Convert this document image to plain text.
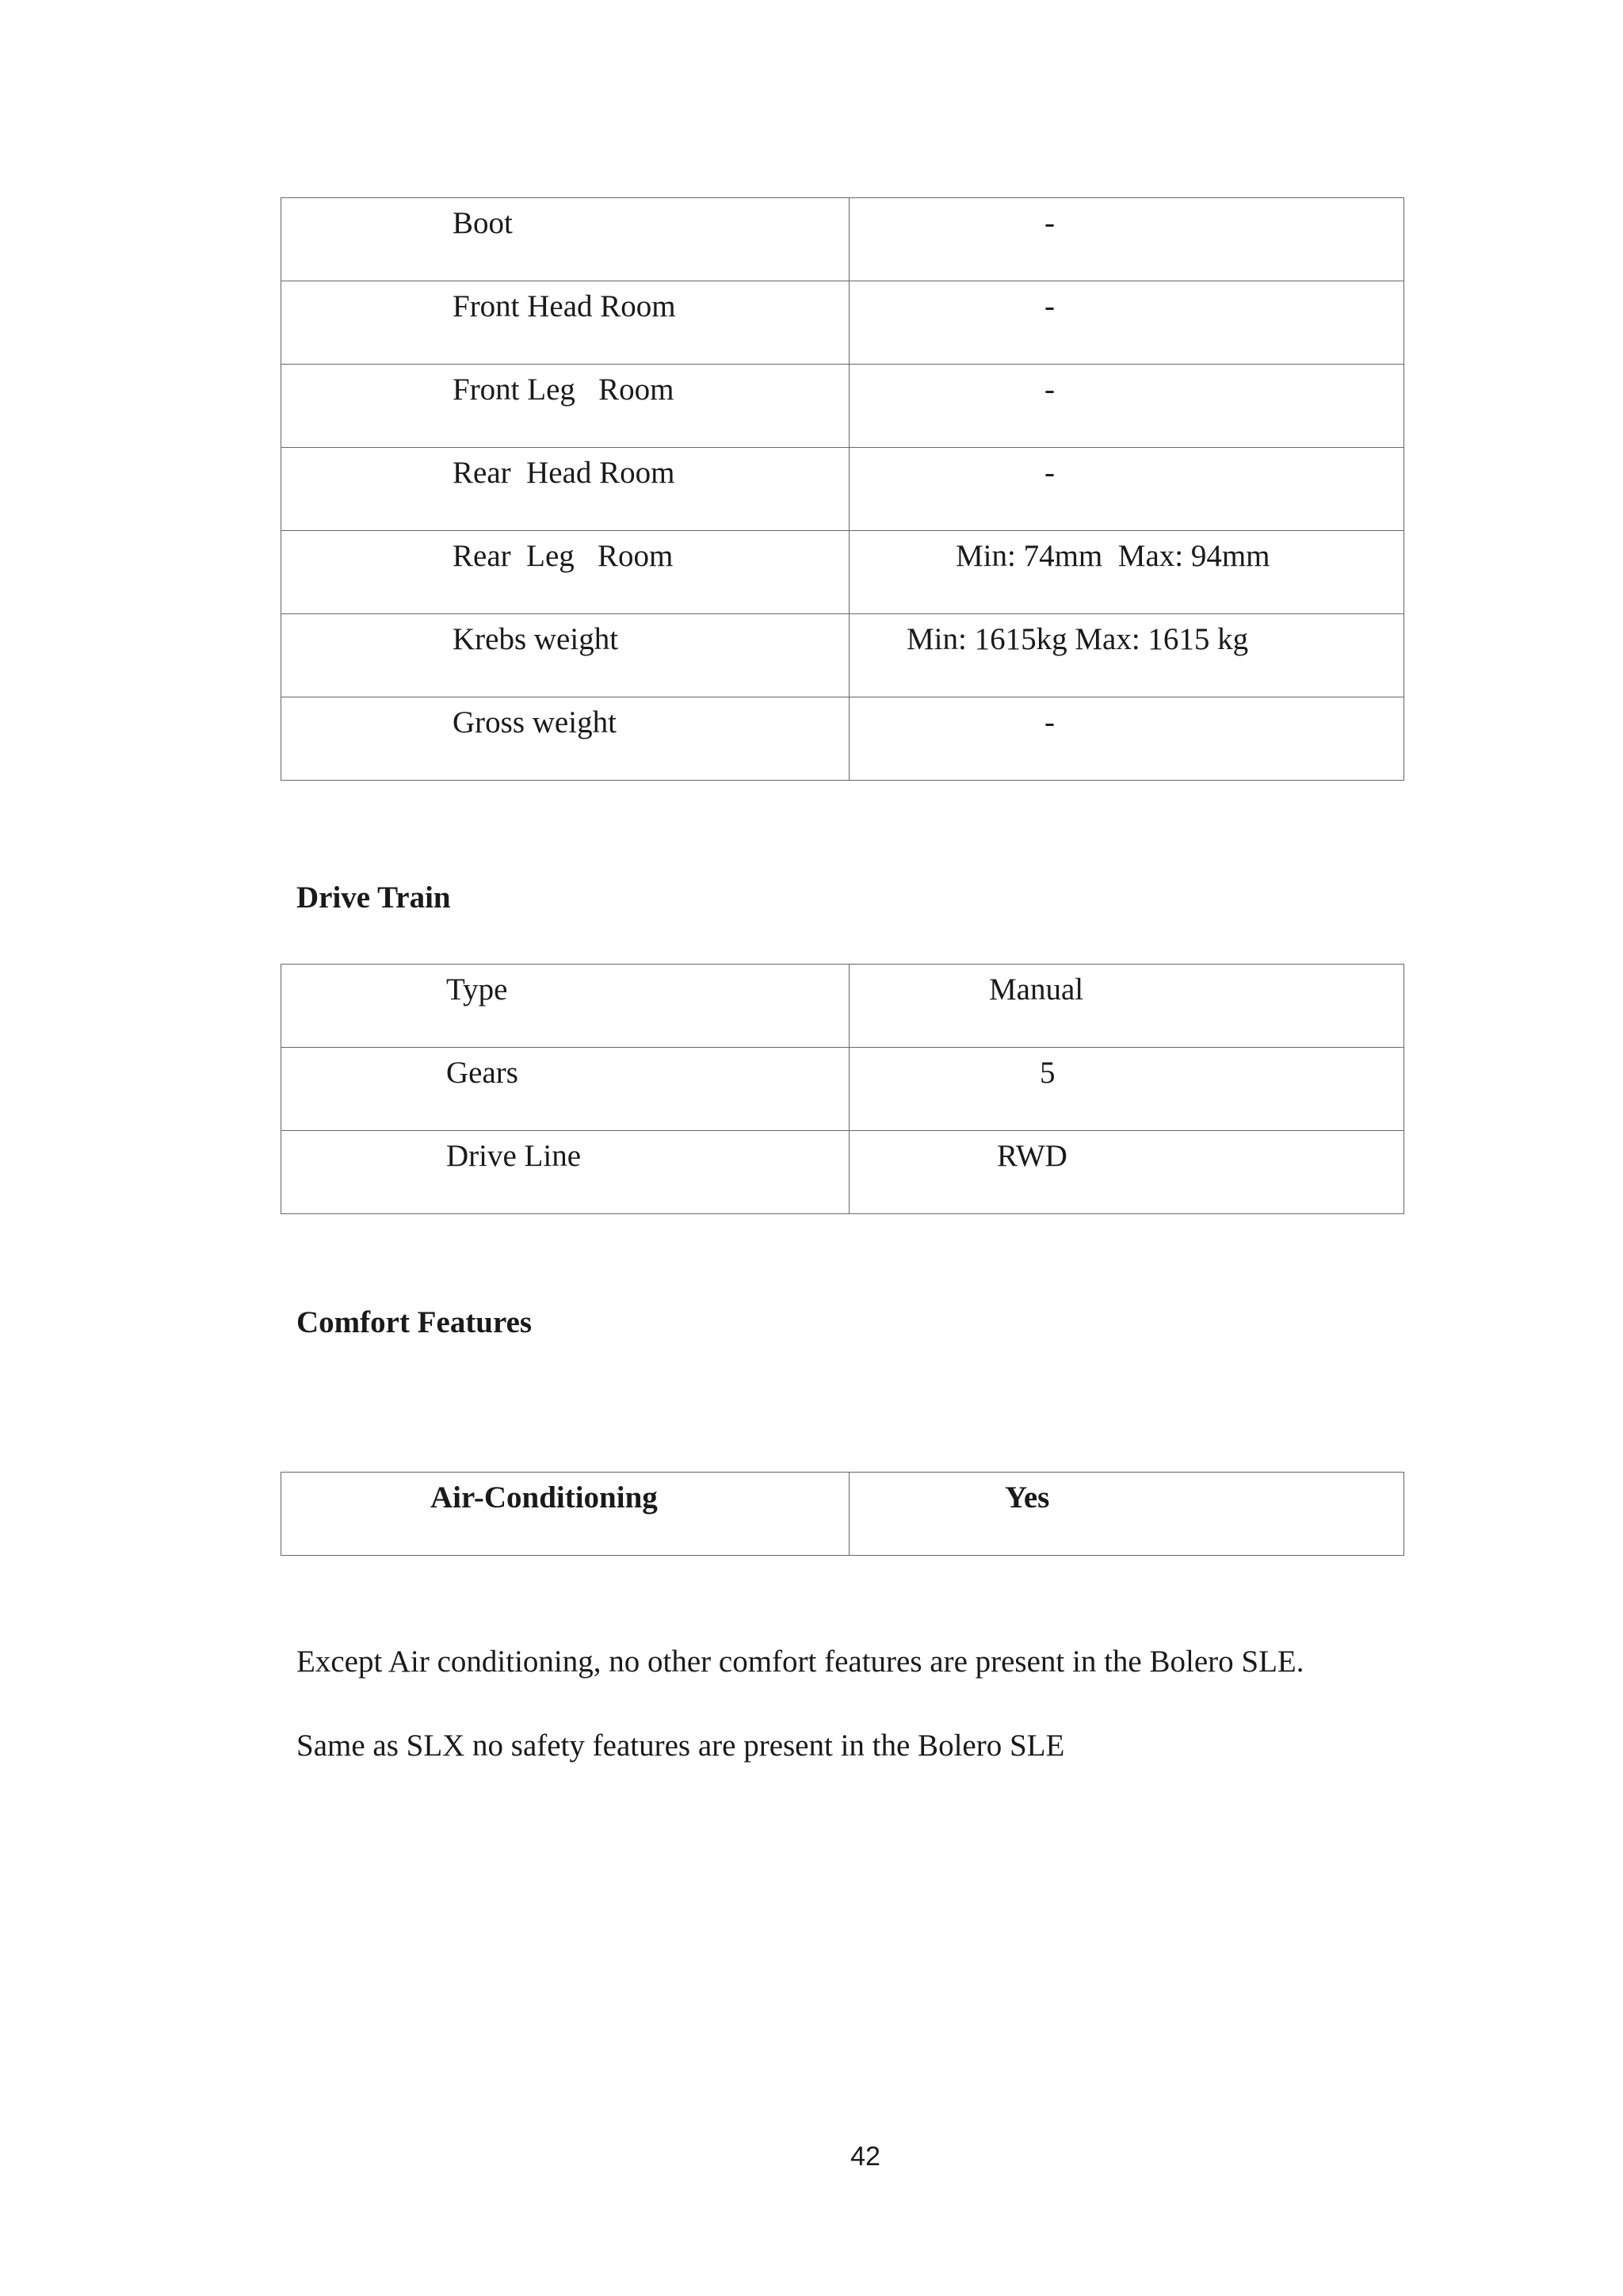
Boot	-

Front Head Room	-

Front Leg   Room	-

Rear  Head Room	-

Rear  Leg   Room	Min: 74mm  Max: 94mm

Krebs weight	Min: 1615kg Max: 1615 kg

Gross weight	-
Drive Train
Type	Manual

Gears	5

Drive Line	RWD
Comfort Features
Air-Conditioning	Yes
Except Air conditioning, no other comfort features are present in the Bolero SLE.
Same as SLX no safety features are present in the Bolero SLE
42
